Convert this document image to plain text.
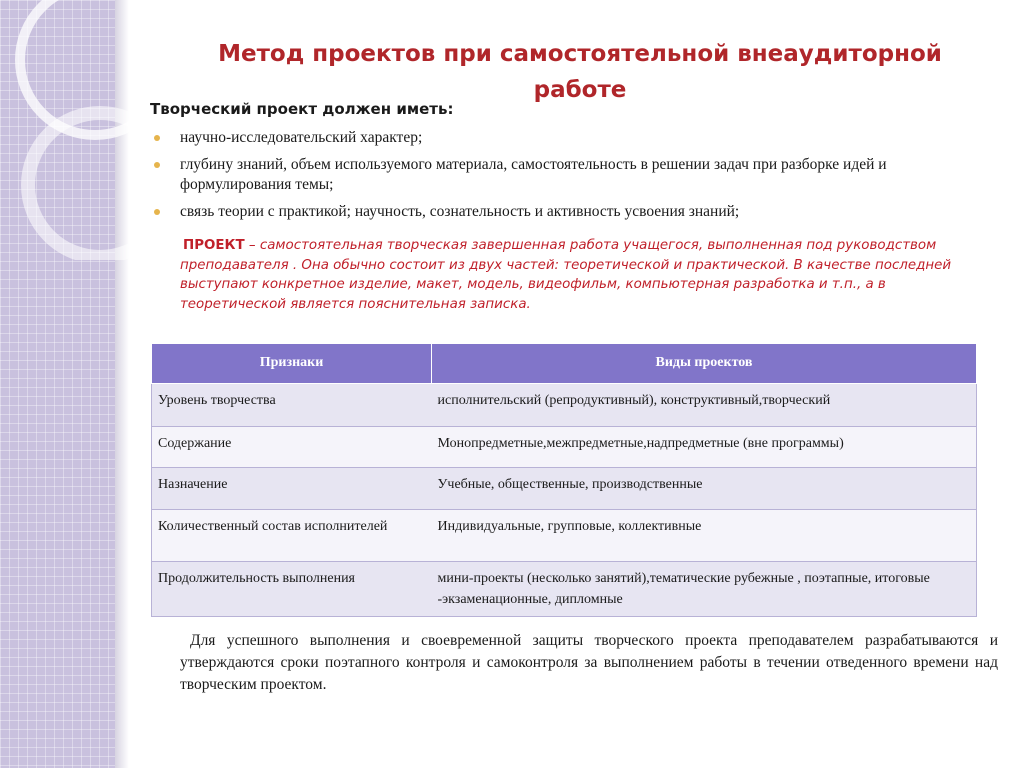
Метод проектов при самостоятельной внеаудиторной работе
Творческий проект должен иметь:
научно-исследовательский характер;
глубину знаний, объем используемого материала, самостоятельность в решении задач при разборке идей и формулирования темы;
связь теории с практикой; научность, сознательность и активность усвоения знаний;
ПРОЕКТ – самостоятельная творческая завершенная работа учащегося, выполненная под руководством преподавателя . Она обычно состоит из двух частей: теоретической и практической. В качестве последней выступают конкретное изделие, макет, модель, видеофильм, компьютерная разработка и т.п., а в теоретической является пояснительная записка.
Признаки	Виды проектов
Уровень творчества	исполнительский (репродуктивный), конструктивный,творческий
Содержание	Монопредметные,межпредметные,надпредметные (вне программы)
Назначение	Учебные, общественные, производственные
Количественный состав исполнителей	Индивидуальные, групповые, коллективные
Продолжительность выполнения	мини-проекты (несколько занятий),тематические рубежные , поэтапные, итоговые -экзаменационные, дипломные
Для успешного выполнения и своевременной защиты творческого проекта преподавателем разрабатываются и утверждаются сроки поэтапного контроля и самоконтроля за выполнением работы в течении отведенного времени над творческим проектом.
